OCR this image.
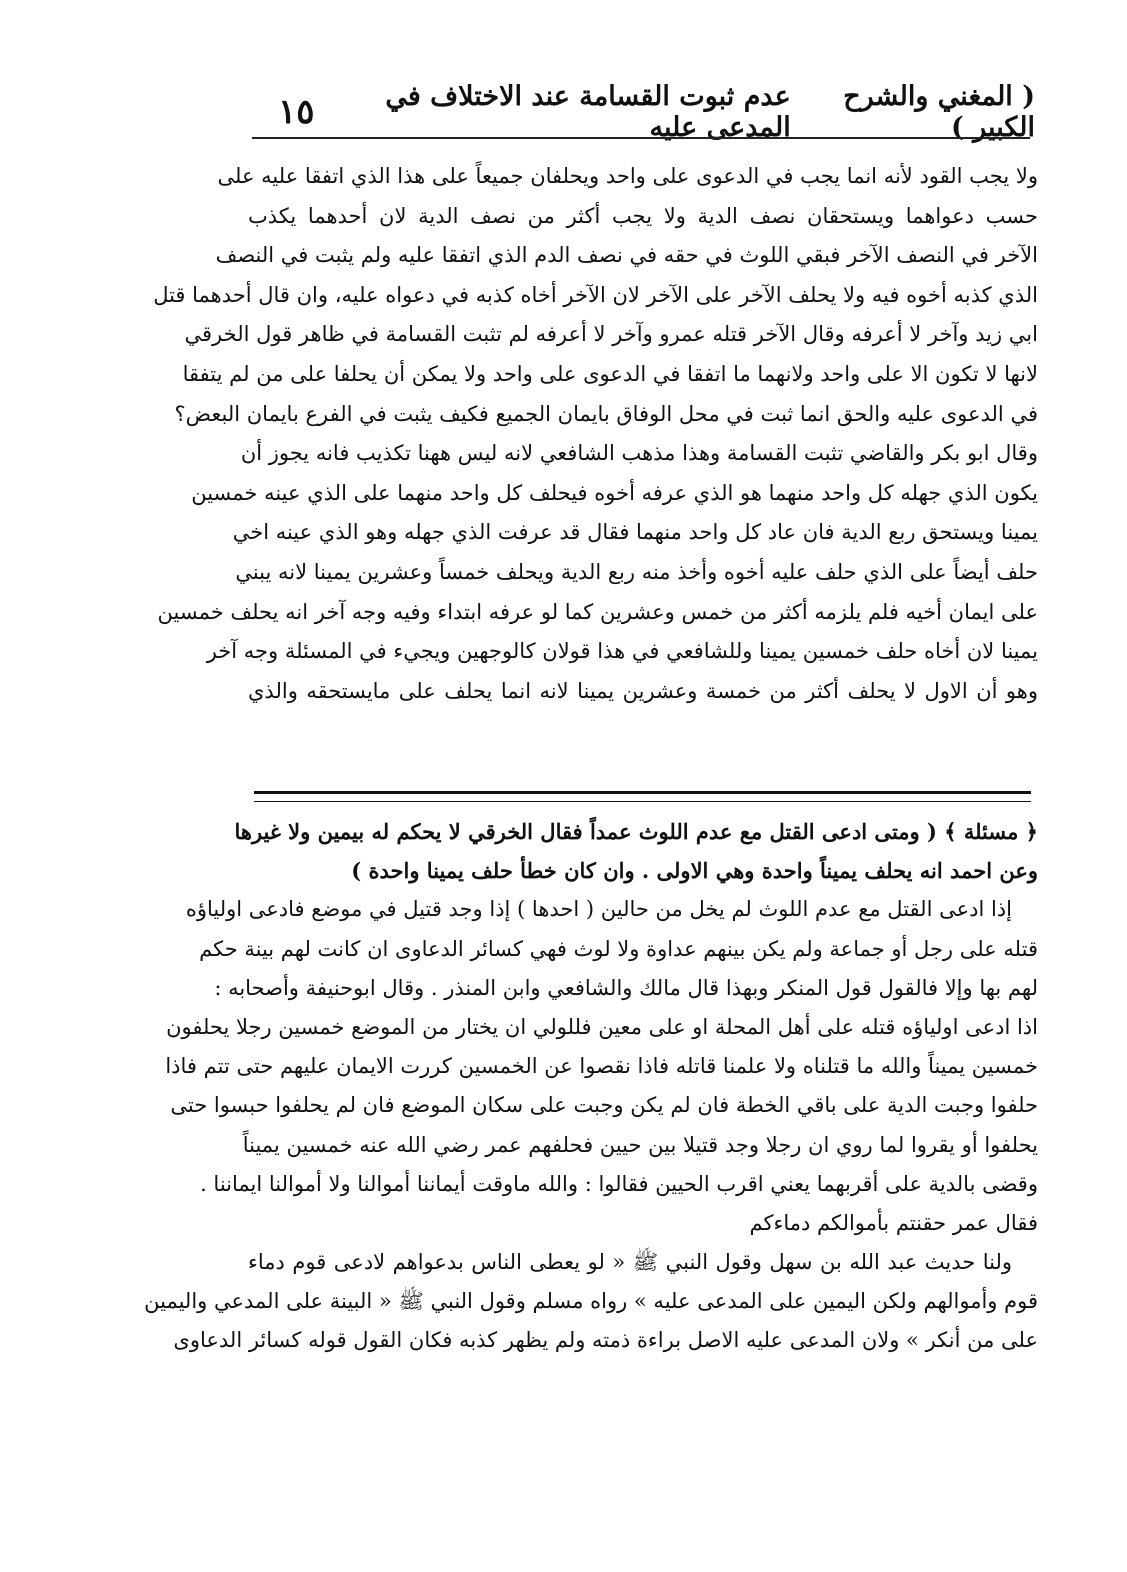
( المغني والشرح الكبير )
عدم ثبوت القسامة عند الاختلاف في المدعى عليه
١٥
ولا يجب القود لأنه انما يجب في الدعوى على واحد ويحلفان جميعاً على هذا الذي اتفقا عليه على
حسب دعواهما ويستحقان نصف الدية ولا يجب أكثر من نصف الدية لان أحدهما يكذب
الآخر في النصف الآخر فبقي اللوث في حقه في نصف الدم الذي اتفقا عليه ولم يثبت في النصف
الذي كذبه أخوه فيه ولا يحلف الآخر على الآخر لان الآخر أخاه كذبه في دعواه عليه، وان قال أحدهما قتل
ابي زيد وآخر لا أعرفه وقال الآخر قتله عمرو وآخر لا أعرفه لم تثبت القسامة في ظاهر قول الخرقي
لانها لا تكون الا على واحد ولانهما ما اتفقا في الدعوى على واحد ولا يمكن أن يحلفا على من لم يتفقا
في الدعوى عليه والحق انما ثبت في محل الوفاق بايمان الجميع فكيف يثبت في الفرع بايمان البعض؟
وقال ابو بكر والقاضي تثبت القسامة وهذا مذهب الشافعي لانه ليس ههنا تكذيب فانه يجوز أن
يكون الذي جهله كل واحد منهما هو الذي عرفه أخوه فيحلف كل واحد منهما على الذي عينه خمسين
يمينا ويستحق ربع الدية فان عاد كل واحد منهما فقال قد عرفت الذي جهله وهو الذي عينه اخي
حلف أيضاً على الذي حلف عليه أخوه وأخذ منه ربع الدية ويحلف خمساً وعشرين يمينا لانه يبني
على ايمان أخيه فلم يلزمه أكثر من خمس وعشرين كما لو عرفه ابتداء وفيه وجه آخر انه يحلف خمسين
يمينا لان أخاه حلف خمسين يمينا وللشافعي في هذا قولان كالوجهين ويجيء في المسئلة وجه آخر
وهو أن الاول لا يحلف أكثر من خمسة وعشرين يمينا لانه انما يحلف على مايستحقه والذي
﴿ مسئلة ﴾ ( ومتى ادعى القتل مع عدم اللوث عمداً فقال الخرقي لا يحكم له بيمين ولا غيرها
وعن احمد انه يحلف يميناً واحدة وهي الاولى . وان كان خطأ حلف يمينا واحدة )
إذا ادعى القتل مع عدم اللوث لم يخل من حالين ( احدها ) إذا وجد قتيل في موضع فادعى اولياؤه
قتله على رجل أو جماعة ولم يكن بينهم عداوة ولا لوث فهي كسائر الدعاوى ان كانت لهم بينة حكم
لهم بها وإلا فالقول قول المنكر وبهذا قال مالك والشافعي وابن المنذر . وقال ابوحنيفة وأصحابه :
اذا ادعى اولياؤه قتله على أهل المحلة او على معين فللولي ان يختار من الموضع خمسين رجلا يحلفون
خمسين يميناً والله ما قتلناه ولا علمنا قاتله فاذا نقصوا عن الخمسين كررت الايمان عليهم حتى تتم فاذا
حلفوا وجبت الدية على باقي الخطة فان لم يكن وجبت على سكان الموضع فان لم يحلفوا حبسوا حتى
يحلفوا أو يقروا لما روي ان رجلا وجد قتيلا بين حيين فحلفهم عمر رضي الله عنه خمسين يميناً
وقضى بالدية على أقربهما يعني اقرب الحيين فقالوا : والله ماوقت أيماننا أموالنا ولا أموالنا ايماننا .
فقال عمر حقنتم بأموالكم دماءكم
ولنا حديث عبد الله بن سهل وقول النبي ﷺ « لو يعطى الناس بدعواهم لادعى قوم دماء
قوم وأموالهم ولكن اليمين على المدعى عليه » رواه مسلم وقول النبي ﷺ « البينة على المدعي واليمين
على من أنكر » ولان المدعى عليه الاصل براءة ذمته ولم يظهر كذبه فكان القول قوله كسائر الدعاوى
